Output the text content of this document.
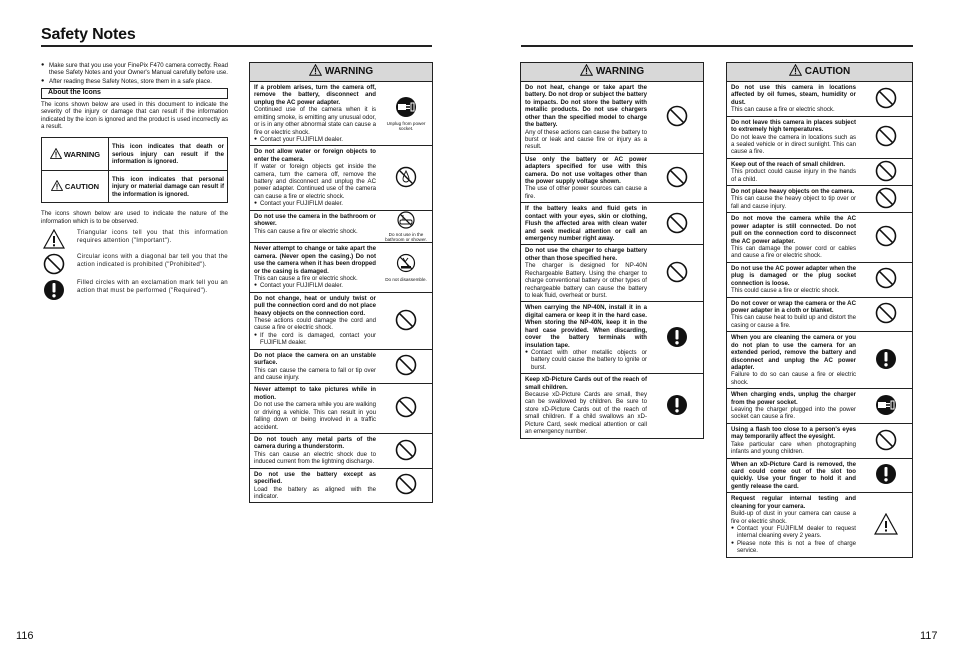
Safety Notes
● Make sure that you use your FinePix F470 camera correctly. Read these Safety Notes and your Owner's Manual carefully before use.
● After reading these Safety Notes, store them in a safe place.
About the Icons
The icons shown below are used in this document to indicate the severity of the injury or damage that can result if the information indicated by the icon is ignored and the product is used incorrectly as a result.
WARNING
This icon indicates that death or serious injury can result if the information is ignored.
CAUTION
This icon indicates that personal injury or material damage can result if the information is ignored.
The icons shown below are used to indicate the nature of the information which is to be observed.
Triangular icons tell you that this information requires attention ("Important").
Circular icons with a diagonal bar tell you that the action indicated is prohibited ("Prohibited").
Filled circles with an exclamation mark tell you an action that must be performed ("Required").
WARNING
If a problem arises, turn the camera off, remove the battery, disconnect and unplug the AC power adapter.
Continued use of the camera when it is emitting smoke, is emitting any unusual odor, or is in any other abnormal state can cause a fire or electric shock.
● Contact your FUJIFILM dealer.
Unplug from power socket.
Do not allow water or foreign objects to enter the camera.
If water or foreign objects get inside the camera, turn the camera off, remove the battery and disconnect and unplug the AC power adapter. Continued use of the camera can cause a fire or electric shock.
● Contact your FUJIFILM dealer.
Do not use the camera in the bathroom or shower.
This can cause a fire or electric shock.
Do not use in the bathroom or shower.
Never attempt to change or take apart the camera. (Never open the casing.) Do not use the camera when it has been dropped or the casing is damaged.
This can cause a fire or electric shock.
● Contact your FUJIFILM dealer.
Do not disassemble.
Do not change, heat or unduly twist or pull the connection cord and do not place heavy objects on the connection cord.
These actions could damage the cord and cause a fire or electric shock.
● If the cord is damaged, contact your FUJIFILM dealer.
Do not place the camera on an unstable surface.
This can cause the camera to fall or tip over and cause injury.
Never attempt to take pictures while in motion.
Do not use the camera while you are walking or driving a vehicle. This can result in you falling down or being involved in a traffic accident.
Do not touch any metal parts of the camera during a thunderstorm.
This can cause an electric shock due to induced current from the lightning discharge.
Do not use the battery except as specified.
Load the battery as aligned with the indicator.
WARNING
Do not heat, change or take apart the battery. Do not drop or subject the battery to impacts. Do not store the battery with metallic products. Do not use chargers other than the specified model to charge the battery.
Any of these actions can cause the battery to burst or leak and cause fire or injury as a result.
Use only the battery or AC power adapters specified for use with this camera. Do not use voltages other than the power supply voltage shown.
The use of other power sources can cause a fire.
If the battery leaks and fluid gets in contact with your eyes, skin or clothing, Flush the affected area with clean water and seek medical attention or call an emergency number right away.
Do not use the charger to charge battery other than those specified here.
The charger is designed for NP-40N Rechargeable Battery. Using the charger to charge conventional battery or other types of rechargeable battery can cause the battery to leak fluid, overheat or burst.
When carrying the NP-40N, install it in a digital camera or keep it in the hard case. When storing the NP-40N, keep it in the hard case provided. When discarding, cover the battery terminals with insulation tape.
● Contact with other metallic objects or battery could cause the battery to ignite or burst.
Keep xD-Picture Cards out of the reach of small children.
Because xD-Picture Cards are small, they can be swallowed by children. Be sure to store xD-Picture Cards out of the reach of small children. If a child swallows an xD-Picture Card, seek medical attention or call an emergency number.
CAUTION
Do not use this camera in locations affected by oil fumes, steam, humidity or dust.
This can cause a fire or electric shock.
Do not leave this camera in places subject to extremely high temperatures.
Do not leave the camera in locations such as a sealed vehicle or in direct sunlight. This can cause a fire.
Keep out of the reach of small children.
This product could cause injury in the hands of a child.
Do not place heavy objects on the camera.
This can cause the heavy object to tip over or fall and cause injury.
Do not move the camera while the AC power adapter is still connected. Do not pull on the connection cord to disconnect the AC power adapter.
This can damage the power cord or cables and cause a fire or electric shock.
Do not use the AC power adapter when the plug is damaged or the plug socket connection is loose.
This could cause a fire or electric shock.
Do not cover or wrap the camera or the AC power adapter in a cloth or blanket.
This can cause heat to build up and distort the casing or cause a fire.
When you are cleaning the camera or you do not plan to use the camera for an extended period, remove the battery and disconnect and unplug the AC power adapter.
Failure to do so can cause a fire or electric shock.
When charging ends, unplug the charger from the power socket.
Leaving the charger plugged into the power socket can cause a fire.
Using a flash too close to a person's eyes may temporarily affect the eyesight.
Take particular care when photographing infants and young children.
When an xD-Picture Card is removed, the card could come out of the slot too quickly. Use your finger to hold it and gently release the card.
Request regular internal testing and cleaning for your camera.
Build-up of dust in your camera can cause a fire or electric shock.
● Contact your FUJIFILM dealer to request internal cleaning every 2 years.
● Please note this is not a free of charge service.
116	117
